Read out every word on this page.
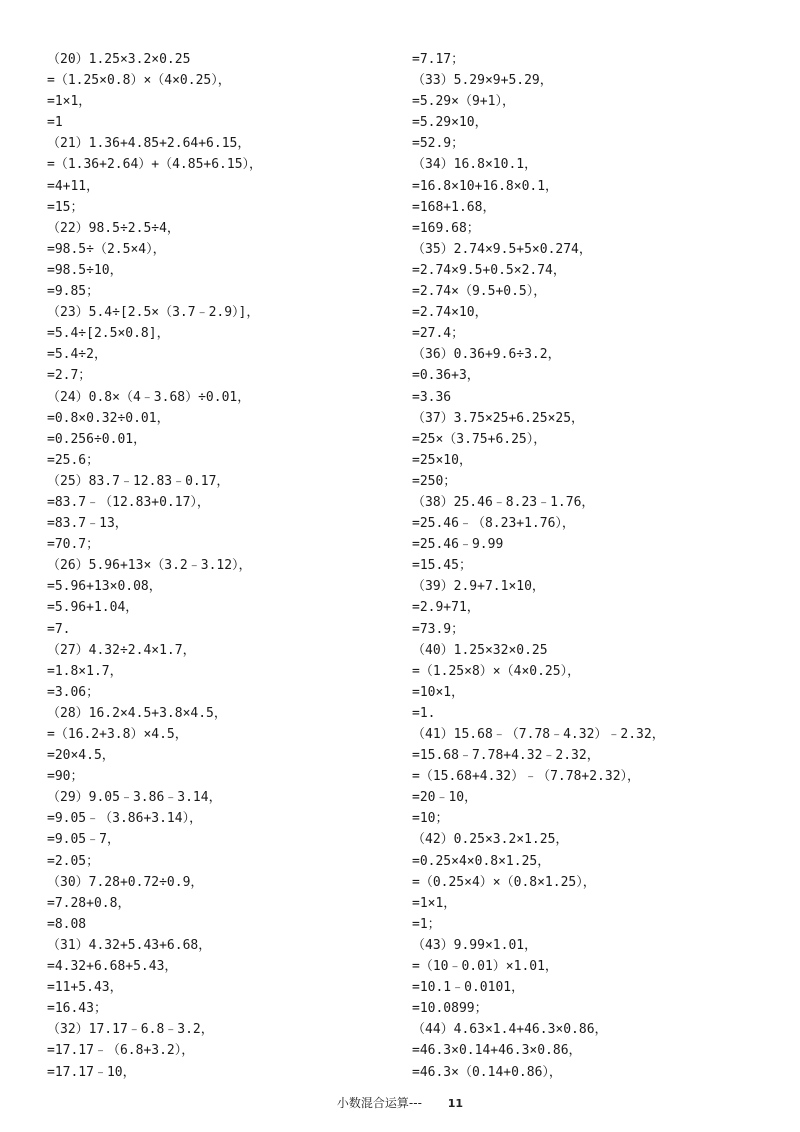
（20）1.25×3.2×0.25
=（1.25×0.8）×（4×0.25），
=1×1，
=1
（21）1.36+4.85+2.64+6.15，
=（1.36+2.64）+（4.85+6.15），
=4+11，
=15；
（22）98.5÷2.5÷4，
=98.5÷（2.5×4），
=98.5÷10，
=9.85；
（23）5.4÷[2.5×（3.7﹣2.9）]，
=5.4÷[2.5×0.8]，
=5.4÷2，
=2.7；
（24）0.8×（4﹣3.68）÷0.01，
=0.8×0.32÷0.01，
=0.256÷0.01，
=25.6；
（25）83.7﹣12.83﹣0.17，
=83.7﹣（12.83+0.17），
=83.7﹣13，
=70.7；
（26）5.96+13×（3.2﹣3.12），
=5.96+13×0.08，
=5.96+1.04，
=7.
（27）4.32÷2.4×1.7，
=1.8×1.7，
=3.06；
（28）16.2×4.5+3.8×4.5，
=（16.2+3.8）×4.5，
=20×4.5，
=90；
（29）9.05﹣3.86﹣3.14，
=9.05﹣（3.86+3.14），
=9.05﹣7，
=2.05；
（30）7.28+0.72÷0.9，
=7.28+0.8，
=8.08
（31）4.32+5.43+6.68，
=4.32+6.68+5.43，
=11+5.43，
=16.43；
（32）17.17﹣6.8﹣3.2，
=17.17﹣（6.8+3.2），
=17.17﹣10，
=7.17；
（33）5.29×9+5.29，
=5.29×（9+1），
=5.29×10，
=52.9；
（34）16.8×10.1，
=16.8×10+16.8×0.1，
=168+1.68，
=169.68；
（35）2.74×9.5+5×0.274，
=2.74×9.5+0.5×2.74，
=2.74×（9.5+0.5），
=2.74×10，
=27.4；
（36）0.36+9.6÷3.2，
=0.36+3，
=3.36
（37）3.75×25+6.25×25，
=25×（3.75+6.25），
=25×10，
=250；
（38）25.46﹣8.23﹣1.76，
=25.46﹣（8.23+1.76），
=25.46﹣9.99
=15.45；
（39）2.9+7.1×10，
=2.9+71，
=73.9；
（40）1.25×32×0.25
=（1.25×8）×（4×0.25），
=10×1，
=1.
（41）15.68﹣（7.78﹣4.32）﹣2.32，
=15.68﹣7.78+4.32﹣2.32，
=（15.68+4.32）﹣（7.78+2.32），
=20﹣10，
=10；
（42）0.25×3.2×1.25，
=0.25×4×0.8×1.25，
=（0.25×4）×（0.8×1.25），
=1×1，
=1；
（43）9.99×1.01，
=（10﹣0.01）×1.01，
=10.1﹣0.0101，
=10.0899；
（44）4.63×1.4+46.3×0.86，
=46.3×0.14+46.3×0.86，
=46.3×（0.14+0.86），
小数混合运算--- 11
